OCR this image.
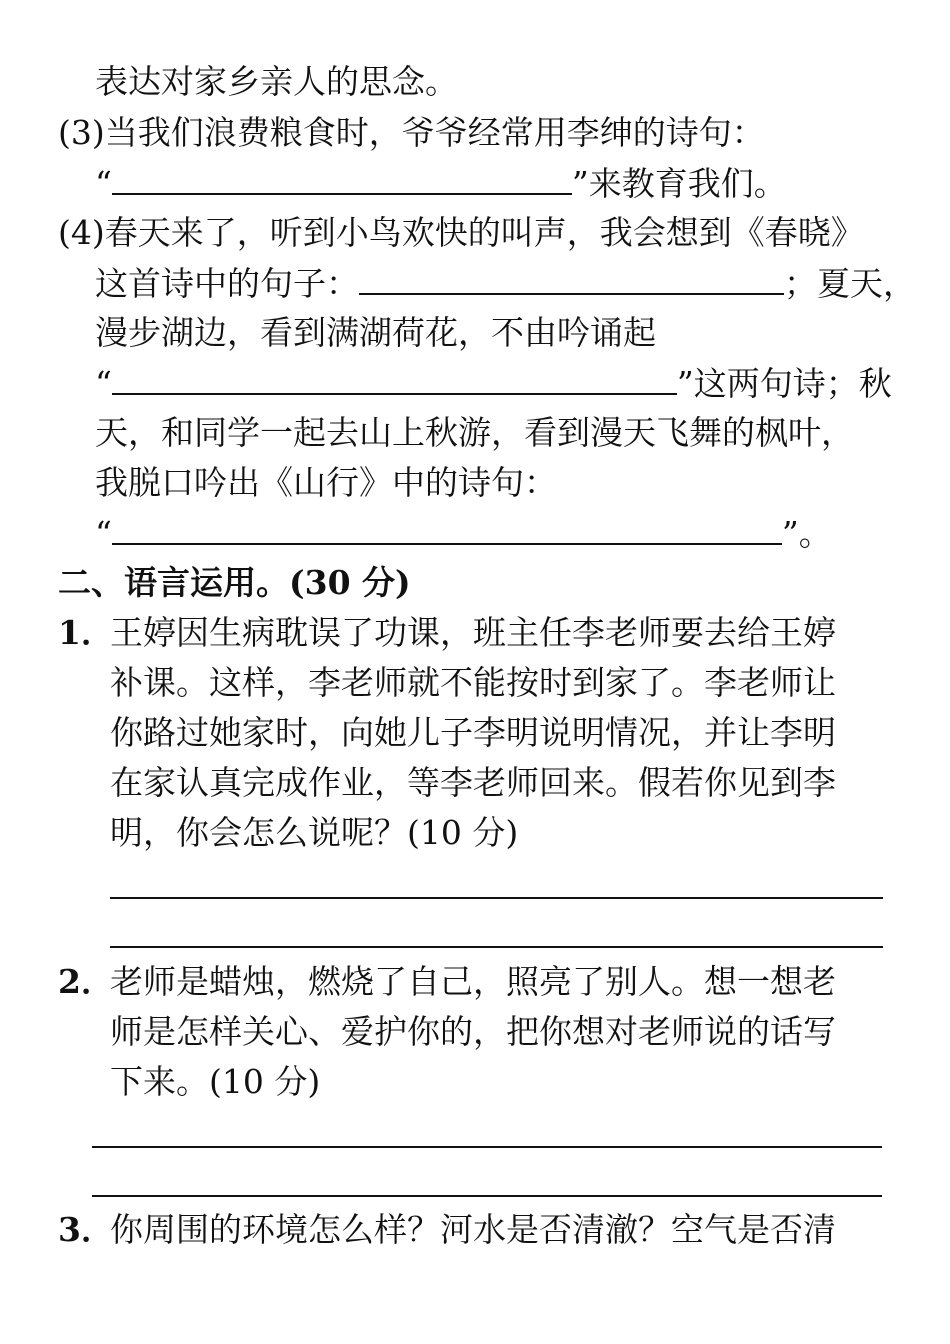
表达对家乡亲人的思念。
(3)当我们浪费粮食时，爷爷经常用李绅的诗句：
“	”来教育我们。
(4)春天来了，听到小鸟欢快的叫声，我会想到《春晓》
这首诗中的句子：	；夏天，
漫步湖边，看到满湖荷花，不由吟诵起
“	”这两句诗；秋
天，和同学一起去山上秋游，看到漫天飞舞的枫叶，
我脱口吟出《山行》中的诗句：
“	”。
二、语言运用。(30 分)
1．
王婷因生病耽误了功课，班主任李老师要去给王婷
补课。这样，李老师就不能按时到家了。李老师让
你路过她家时，向她儿子李明说明情况，并让李明
在家认真完成作业，等李老师回来。假若你见到李
明，你会怎么说呢？(10 分)
2．
老师是蜡烛，燃烧了自己，照亮了别人。想一想老
师是怎样关心、爱护你的，把你想对老师说的话写
下来。(10 分)
3．
你周围的环境怎么样？河水是否清澈？空气是否清
